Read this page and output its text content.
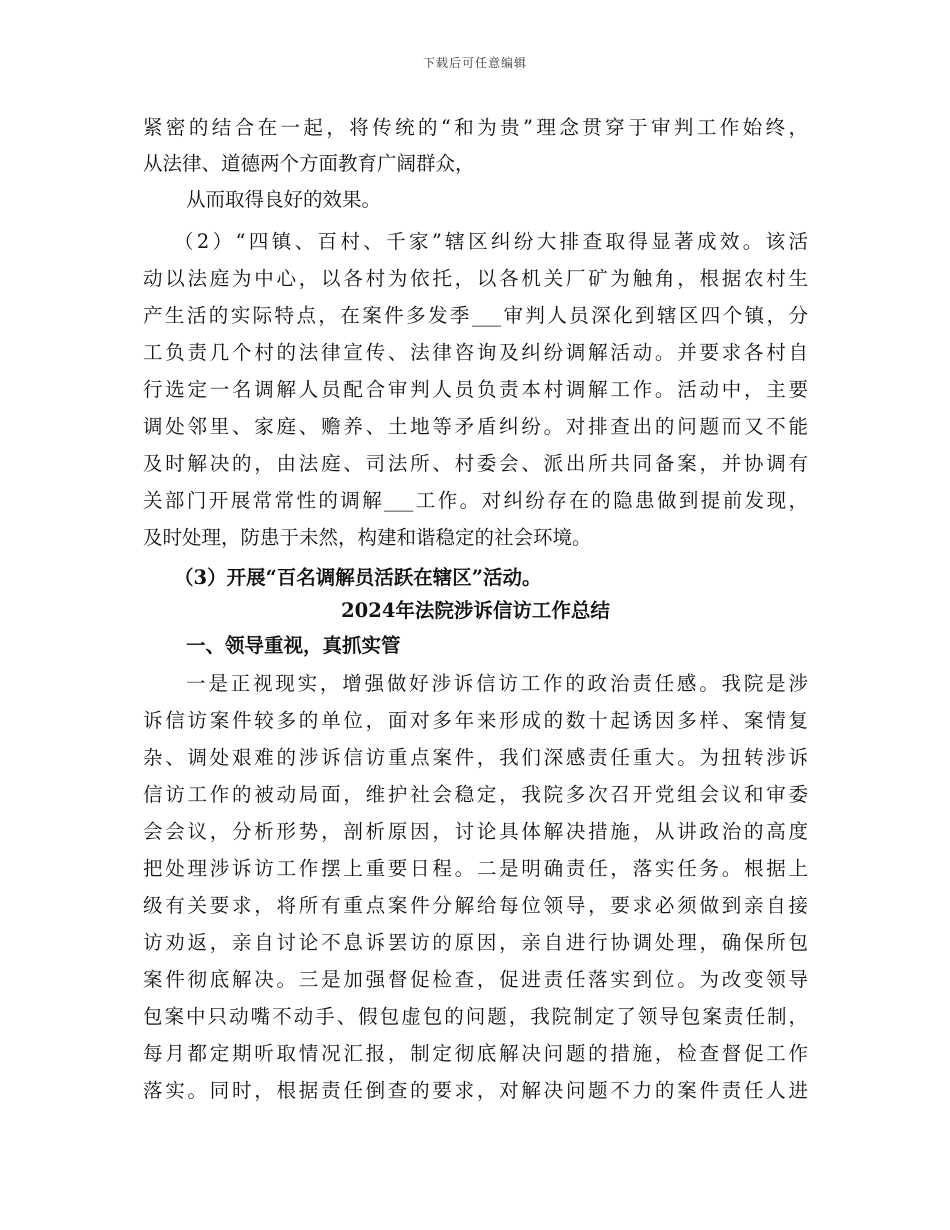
下载后可任意编辑
紧密的结合在一起，将传统的“和为贵”理念贯穿于审判工作始终，
从法律、道德两个方面教育广阔群众，
从而取得良好的效果。
（2）“四镇、百村、千家”辖区纠纷大排查取得显著成效。该活
动以法庭为中心，以各村为依托，以各机关厂矿为触角，根据农村生
产生活的实际特点，在案件多发季___审判人员深化到辖区四个镇，分
工负责几个村的法律宣传、法律咨询及纠纷调解活动。并要求各村自
行选定一名调解人员配合审判人员负责本村调解工作。活动中，主要
调处邻里、家庭、赡养、土地等矛盾纠纷。对排查出的问题而又不能
及时解决的，由法庭、司法所、村委会、派出所共同备案，并协调有
关部门开展常常性的调解___工作。对纠纷存在的隐患做到提前发现，
及时处理，防患于未然，构建和谐稳定的社会环境。
（3）开展“百名调解员活跃在辖区”活动。
2024年法院涉诉信访工作总结
一、领导重视，真抓实管
一是正视现实，增强做好涉诉信访工作的政治责任感。我院是涉
诉信访案件较多的单位，面对多年来形成的数十起诱因多样、案情复
杂、调处艰难的涉诉信访重点案件，我们深感责任重大。为扭转涉诉
信访工作的被动局面，维护社会稳定，我院多次召开党组会议和审委
会会议，分析形势，剖析原因，讨论具体解决措施，从讲政治的高度
把处理涉诉访工作摆上重要日程。二是明确责任，落实任务。根据上
级有关要求，将所有重点案件分解给每位领导，要求必须做到亲自接
访劝返，亲自讨论不息诉罢访的原因，亲自进行协调处理，确保所包
案件彻底解决。三是加强督促检查，促进责任落实到位。为改变领导
包案中只动嘴不动手、假包虚包的问题，我院制定了领导包案责任制，
每月都定期听取情况汇报，制定彻底解决问题的措施，检查督促工作
落实。同时，根据责任倒查的要求，对解决问题不力的案件责任人进
